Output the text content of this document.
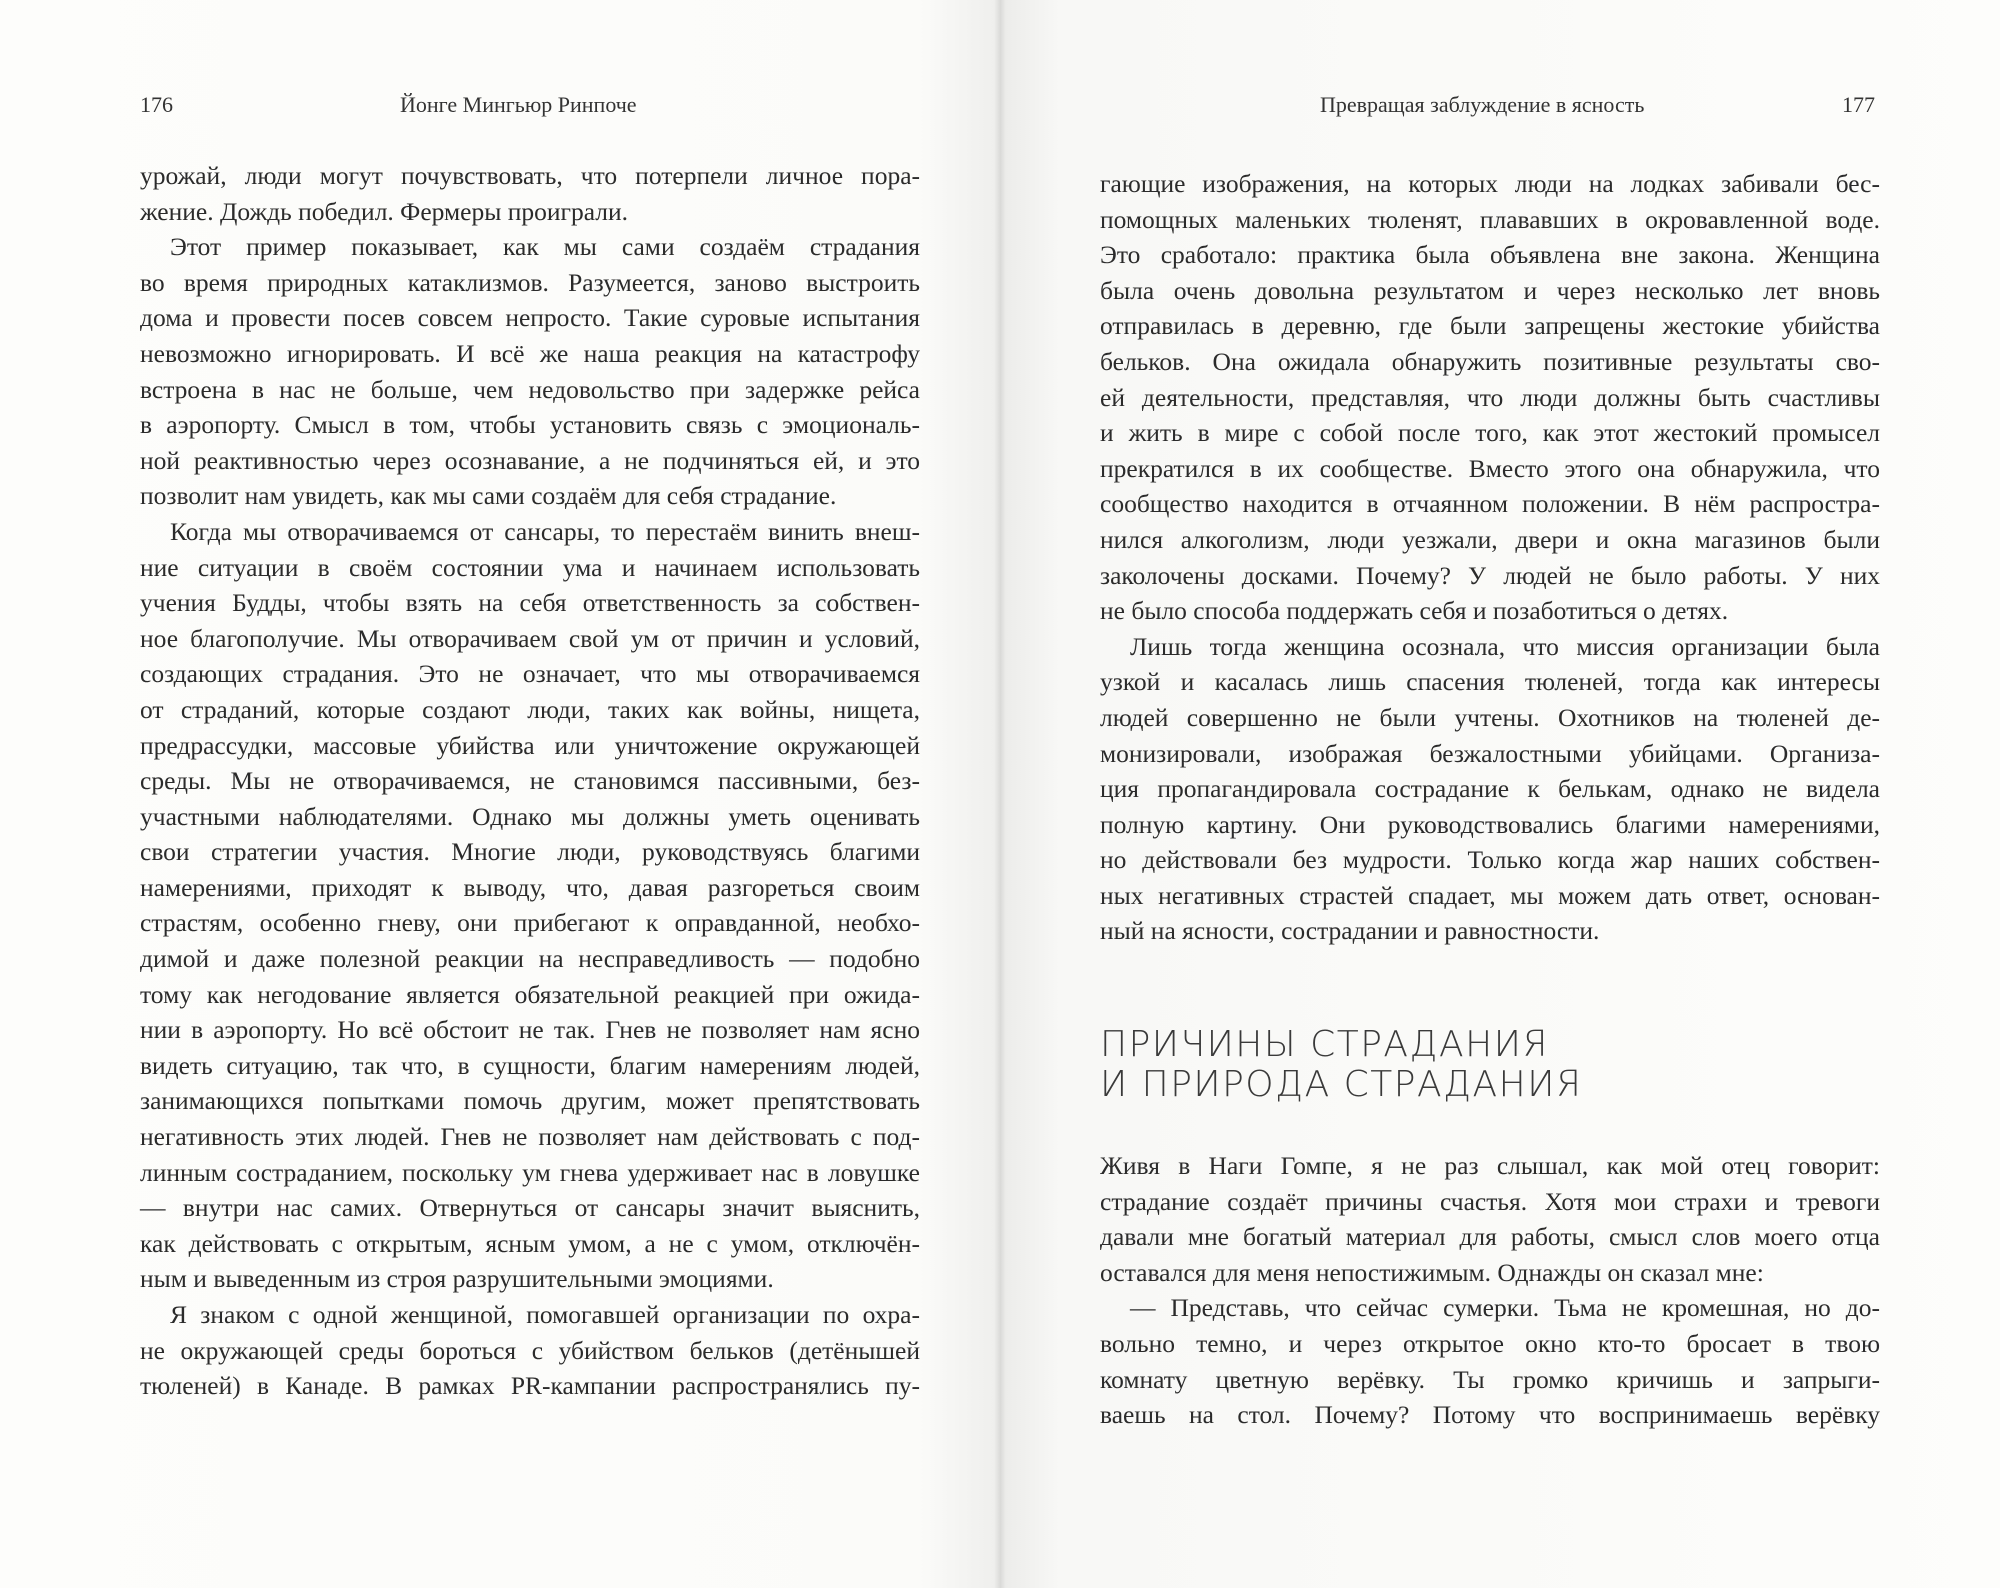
176	Йонге Мингьюр Ринпоче

урожай, люди могут почувствовать, что потерпели личное пора-

жение. Дождь победил. Фермеры проиграли.

Этот пример показывает, как мы сами создаём страдания

во время природных катаклизмов. Разумеется, заново выстроить

дома и провести посев совсем непросто. Такие суровые испытания

невозможно игнорировать. И всё же наша реакция на катастрофу

встроена в нас не больше, чем недовольство при задержке рейса

в аэропорту. Смысл в том, чтобы установить связь с эмоциональ-

ной реактивностью через осознавание, а не подчиняться ей, и это

позволит нам увидеть, как мы сами создаём для себя страдание.

Когда мы отворачиваемся от сансары, то перестаём винить внеш-

ние ситуации в своём состоянии ума и начинаем использовать

учения Будды, чтобы взять на себя ответственность за собствен-

ное благополучие. Мы отворачиваем свой ум от причин и условий,

создающих страдания. Это не означает, что мы отворачиваемся

от страданий, которые создают люди, таких как войны, нищета,

предрассудки, массовые убийства или уничтожение окружающей

среды. Мы не отворачиваемся, не становимся пассивными, без-

участными наблюдателями. Однако мы должны уметь оценивать

свои стратегии участия. Многие люди, руководствуясь благими

намерениями, приходят к выводу, что, давая разгореться своим

страстям, особенно гневу, они прибегают к оправданной, необхо-

димой и даже полезной реакции на несправедливость — подобно

тому как негодование является обязательной реакцией при ожида-

нии в аэропорту. Но всё обстоит не так. Гнев не позволяет нам ясно

видеть ситуацию, так что, в сущности, благим намерениям людей,

занимающихся попытками помочь другим, может препятствовать

негативность этих людей. Гнев не позволяет нам действовать с под-

линным состраданием, поскольку ум гнева удерживает нас в ловушке

— внутри нас самих. Отвернуться от сансары значит выяснить,

как действовать с открытым, ясным умом, а не с умом, отключён-

ным и выведенным из строя разрушительными эмоциями.

Я знаком с одной женщиной, помогавшей организации по охра-

не окружающей среды бороться с убийством бельков (детёнышей

тюленей) в Канаде. В рамках PR-кампании распространялись пу-

Превращая заблуждение в ясность	177

гающие изображения, на которых люди на лодках забивали бес-

помощных маленьких тюленят, плававших в окровавленной воде.

Это сработало: практика была объявлена вне закона. Женщина

была очень довольна результатом и через несколько лет вновь

отправилась в деревню, где были запрещены жестокие убийства

бельков. Она ожидала обнаружить позитивные результаты сво-

ей деятельности, представляя, что люди должны быть счастливы

и жить в мире с собой после того, как этот жестокий промысел

прекратился в их сообществе. Вместо этого она обнаружила, что

сообщество находится в отчаянном положении. В нём распростра-

нился алкоголизм, люди уезжали, двери и окна магазинов были

заколочены досками. Почему? У людей не было работы. У них

не было способа поддержать себя и позаботиться о детях.

Лишь тогда женщина осознала, что миссия организации была

узкой и касалась лишь спасения тюленей, тогда как интересы

людей совершенно не были учтены. Охотников на тюленей де-

монизировали, изображая безжалостными убийцами. Организа-

ция пропагандировала сострадание к белькам, однако не видела

полную картину. Они руководствовались благими намерениями,

но действовали без мудрости. Только когда жар наших собствен-

ных негативных страстей спадает, мы можем дать ответ, основан-

ный на ясности, сострадании и равностности.

ПРИЧИНЫ СТРАДАНИЯ
И ПРИРОДА СТРАДАНИЯ

Живя в Наги Гомпе, я не раз слышал, как мой отец говорит:

страдание создаёт причины счастья. Хотя мои страхи и тревоги

давали мне богатый материал для работы, смысл слов моего отца

оставался для меня непостижимым. Однажды он сказал мне:

— Представь, что сейчас сумерки. Тьма не кромешная, но до-

вольно темно, и через открытое окно кто-то бросает в твою

комнату цветную верёвку. Ты громко кричишь и запрыги-

ваешь на стол. Почему? Потому что воспринимаешь верёвку
